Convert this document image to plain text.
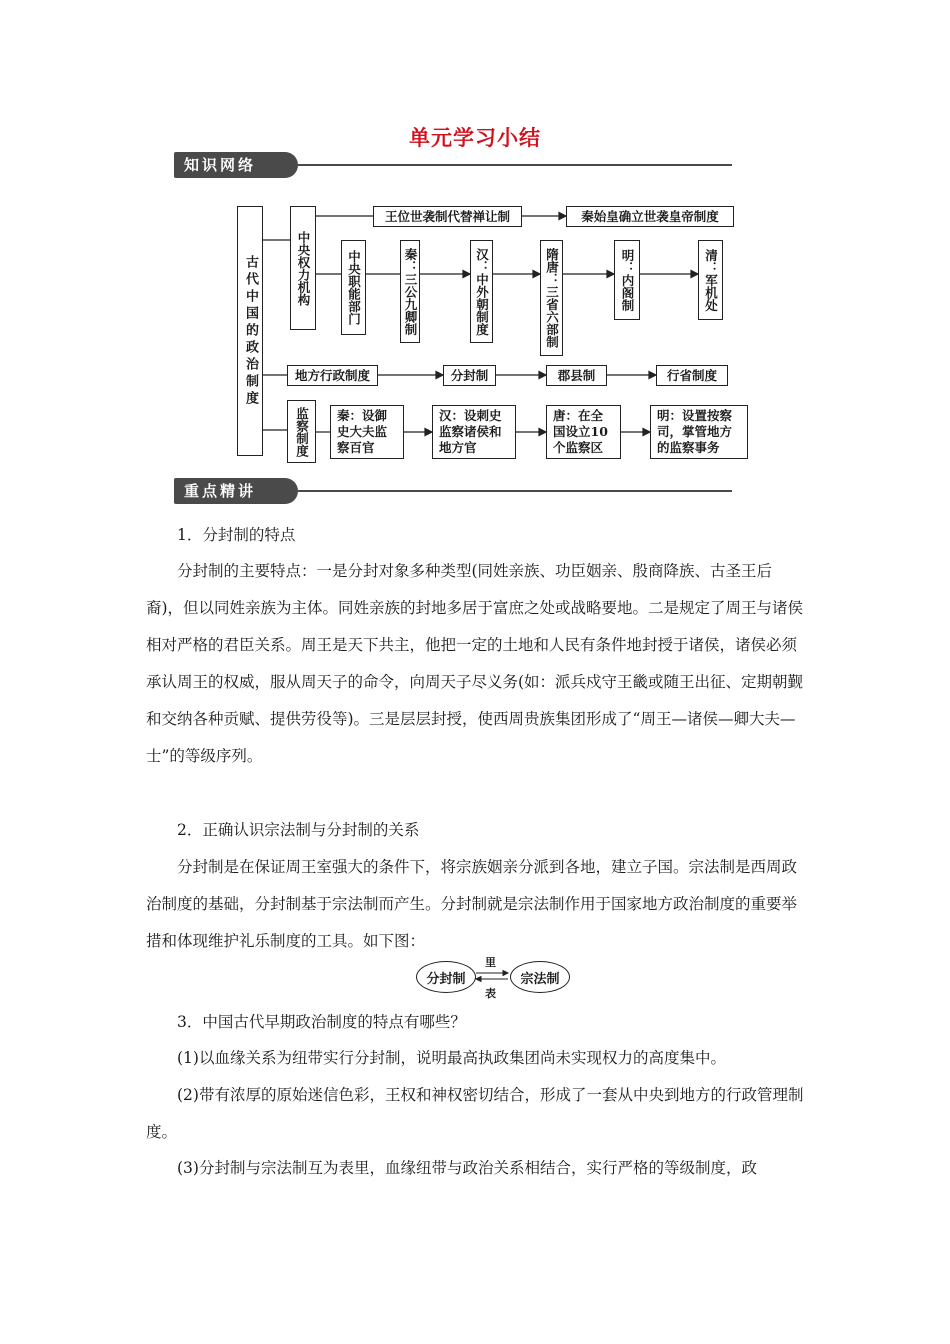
单元学习小结
知识网络
古代中国的政治制度	中央权力机构
王位世袭制代替禅让制	秦始皇确立世袭皇帝制度
中央职能部门	秦：三公九卿制	汉：中外朝制度	隋唐：三省六部制	明：内阁制	清：军机处
地方行政制度	分封制	郡县制	行省制度
监察制度	秦：设御史大夫监察百官
汉：设刺史监察诸侯和地方官
唐：在全国设立10个监察区
明：设置按察司，掌管地方的监察事务
重点精讲
1．分封制的特点
分封制的主要特点：一是分封对象多种类型(同姓亲族、功臣姻亲、殷商降族、古圣王后裔)，但以同姓亲族为主体。同姓亲族的封地多居于富庶之处或战略要地。二是规定了周王与诸侯相对严格的君臣关系。周王是天下共主，他把一定的土地和人民有条件地封授于诸侯，诸侯必须承认周王的权威，服从周天子的命令，向周天子尽义务(如：派兵戍守王畿或随王出征、定期朝觐和交纳各种贡赋、提供劳役等)。三是层层封授，使西周贵族集团形成了“周王—诸侯—卿大夫—士”的等级序列。
2．正确认识宗法制与分封制的关系
分封制是在保证周王室强大的条件下，将宗族姻亲分派到各地，建立子国。宗法制是西周政治制度的基础，分封制基于宗法制而产生。分封制就是宗法制作用于国家地方政治制度的重要举措和体现维护礼乐制度的工具。如下图：
分封制	宗法制
里
表
3．中国古代早期政治制度的特点有哪些？
(1)以血缘关系为纽带实行分封制，说明最高执政集团尚未实现权力的高度集中。
(2)带有浓厚的原始迷信色彩，王权和神权密切结合，形成了一套从中央到地方的行政管理制度。
(3)分封制与宗法制互为表里，血缘纽带与政治关系相结合，实行严格的等级制度，政
